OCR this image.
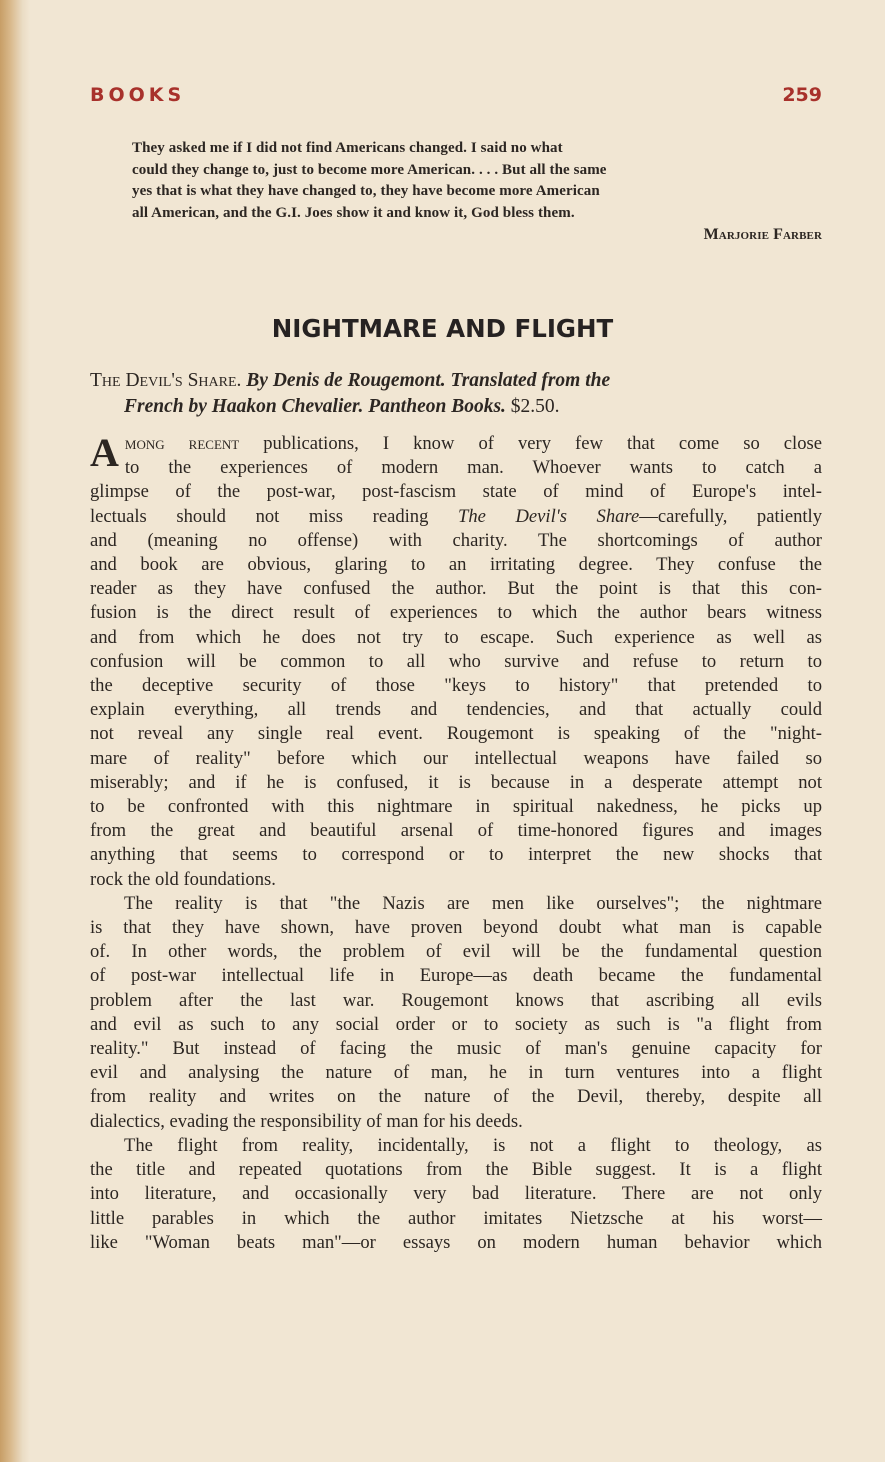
BOOKS	259

They asked me if I did not find Americans changed. I said no what

could they change to, just to become more American. . . . But all the same

yes that is what they have changed to, they have become more American

all American, and the G.I. Joes show it and know it, God bless them.

Marjorie Farber

NIGHTMARE AND FLIGHT
The Devil's Share. By Denis de Rougemont. Translated from the
French by Haakon Chevalier. Pantheon Books. $2.50.

A mong recent publications, I know of very few that come so close
to the experiences of modern man. Whoever wants to catch a
glimpse of the post-war, post-fascism state of mind of Europe's intel-
lectuals should not miss reading The Devil's Share—carefully, patiently
and (meaning no offense) with charity. The shortcomings of author
and book are obvious, glaring to an irritating degree. They confuse the
reader as they have confused the author. But the point is that this con-
fusion is the direct result of experiences to which the author bears witness
and from which he does not try to escape. Such experience as well as
confusion will be common to all who survive and refuse to return to
the deceptive security of those "keys to history" that pretended to
explain everything, all trends and tendencies, and that actually could
not reveal any single real event. Rougemont is speaking of the "night-
mare of reality" before which our intellectual weapons have failed so
miserably; and if he is confused, it is because in a desperate attempt not
to be confronted with this nightmare in spiritual nakedness, he picks up
from the great and beautiful arsenal of time-honored figures and images
anything that seems to correspond or to interpret the new shocks that
rock the old foundations.

The reality is that "the Nazis are men like ourselves"; the nightmare
is that they have shown, have proven beyond doubt what man is capable
of. In other words, the problem of evil will be the fundamental question
of post-war intellectual life in Europe—as death became the fundamental
problem after the last war. Rougemont knows that ascribing all evils
and evil as such to any social order or to society as such is "a flight from
reality." But instead of facing the music of man's genuine capacity for
evil and analysing the nature of man, he in turn ventures into a flight
from reality and writes on the nature of the Devil, thereby, despite all
dialectics, evading the responsibility of man for his deeds.

The flight from reality, incidentally, is not a flight to theology, as
the title and repeated quotations from the Bible suggest. It is a flight
into literature, and occasionally very bad literature. There are not only
little parables in which the author imitates Nietzsche at his worst—
like "Woman beats man"—or essays on modern human behavior which
